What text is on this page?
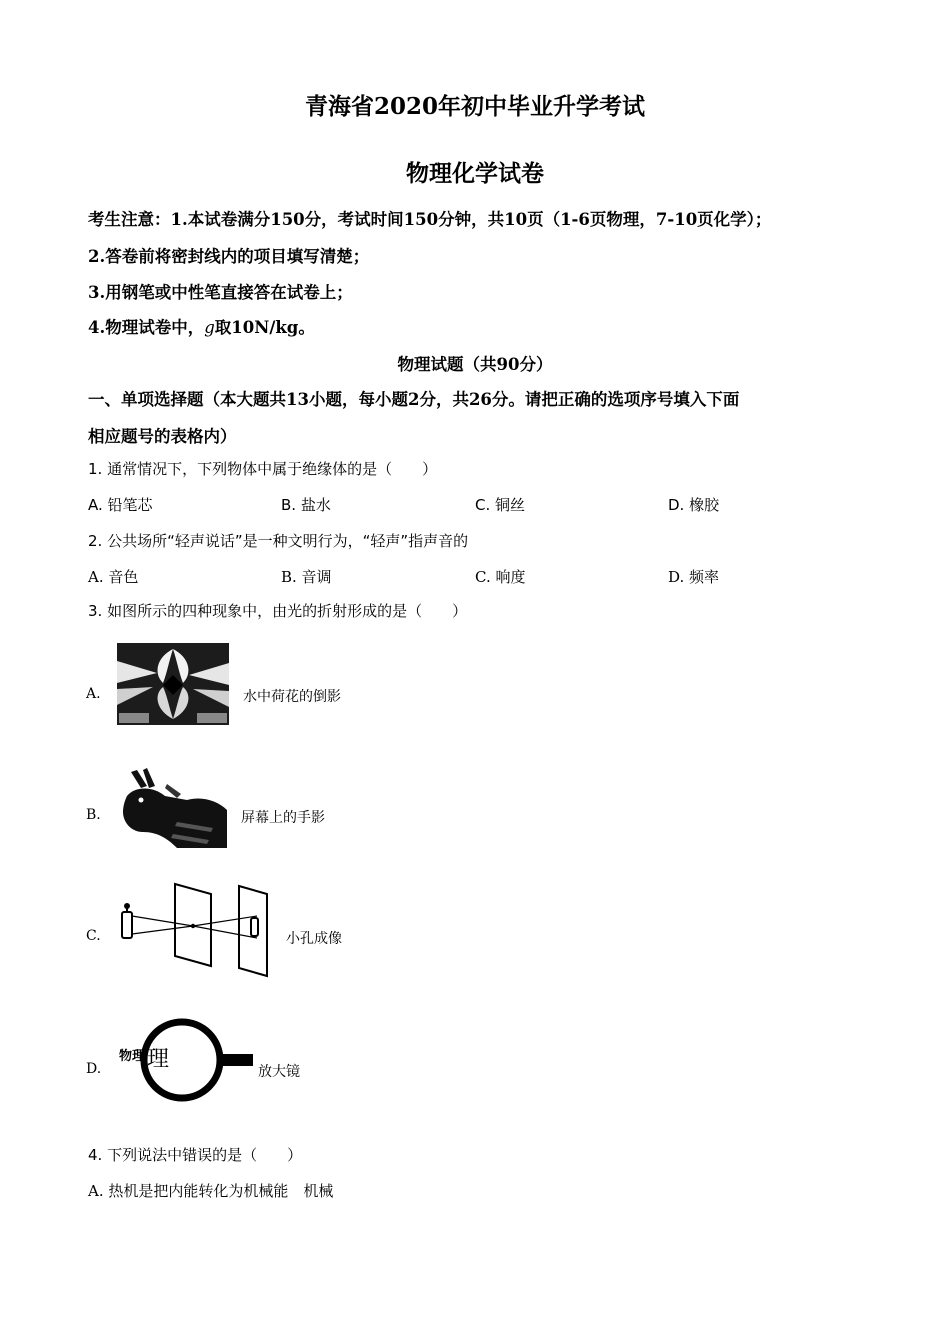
青海省2020年初中毕业升学考试
物理化学试卷
考生注意：1.本试卷满分150分，考试时间150分钟，共10页（1-6页物理，7-10页化学）；
2.答卷前将密封线内的项目填写清楚；
3.用钢笔或中性笔直接答在试卷上；
4.物理试卷中，g取10N/kg。
物理试题（共90分）
一、单项选择题（本大题共13小题，每小题2分，共26分。请把正确的选项序号填入下面
相应题号的表格内）
1. 通常情况下，下列物体中属于绝缘体的是（　　）
A. 铅笔芯	B. 盐水	C. 铜丝	D. 橡胶
2. 公共场所“轻声说话”是一种文明行为，“轻声”指声音的
A. 音色	B. 音调	C. 响度	D. 频率
3. 如图所示的四种现象中，由光的折射形成的是（　　）
A.	水中荷花的倒影
B.	屏幕上的手影
C.	小孔成像
D.
物理 理	放大镜
4. 下列说法中错误的是（　　）
A. 热机是把内能转化为机械能　机械
